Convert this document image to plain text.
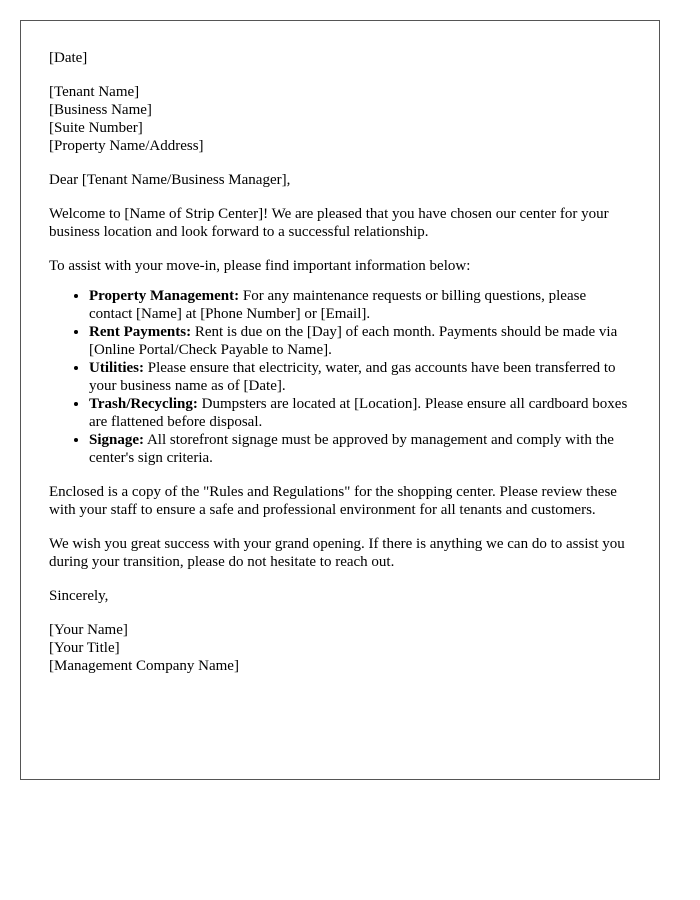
[Date]
[Tenant Name]
[Business Name]
[Suite Number]
[Property Name/Address]

Dear [Tenant Name/Business Manager],

Welcome to [Name of Strip Center]! We are pleased that you have chosen our center for your business location and look forward to a successful relationship.

To assist with your move-in, please find important information below:

• Property Management: For any maintenance requests or billing questions, please contact [Name] at [Phone Number] or [Email].
• Rent Payments: Rent is due on the [Day] of each month. Payments should be made via [Online Portal/Check Payable to Name].
• Utilities: Please ensure that electricity, water, and gas accounts have been transferred to your business name as of [Date].
• Trash/Recycling: Dumpsters are located at [Location]. Please ensure all cardboard boxes are flattened before disposal.
• Signage: All storefront signage must be approved by management and comply with the center's sign criteria.

Enclosed is a copy of the "Rules and Regulations" for the shopping center. Please review these with your staff to ensure a safe and professional environment for all tenants and customers.

We wish you great success with your grand opening. If there is anything we can do to assist you during your transition, please do not hesitate to reach out.

Sincerely,

[Your Name]
[Your Title]
[Management Company Name]
